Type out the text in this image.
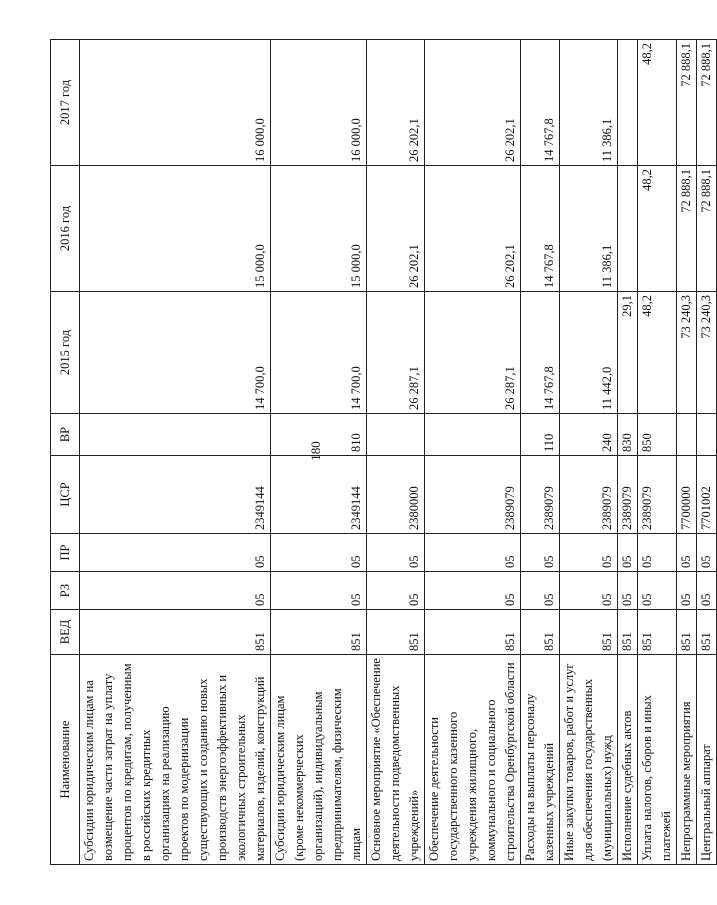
180
Наименование	ВЕД	РЗ	ПР	ЦСР	ВР	2015 год	2016 год	2017 год
Субсидии юридическим лицам на возмещение части затрат на уплату процентов по кредитам, полученным в российских кредитных организациях на реализацию проектов по модернизации существующих и созданию новых производств энергоэффективных и экологичных строительных материалов, изделий, конструкций	851	05	05	2349144		14 700,0	15 000,0	16 000,0
Субсидии юридическим лицам (кроме некоммерческих организаций), индивидуальным предпринимателям, физическим лицам	851	05	05	2349144	810	14 700,0	15 000,0	16 000,0
Основное мероприятие «Обеспечение деятельности подведомственных учреждений»	851	05	05	2380000		26 287,1	26 202,1	26 202,1
Обеспечение деятельности государственного казенного учреждения жилищного, коммунального и социального строительства Оренбургской области	851	05	05	2389079		26 287,1	26 202,1	26 202,1
Расходы на выплаты персоналу казенных учреждений	851	05	05	2389079	110	14 767,8	14 767,8	14 767,8
Иные закупки товаров, работ и услуг для обеспечения государственных (муниципальных) нужд	851	05	05	2389079	240	11 442,0	11 386,1	11 386,1
Исполнение судебных актов	851	05	05	2389079	830	29,1		
Уплата налогов, сборов и иных платежей	851	05	05	2389079	850	48,2	48,2	48,2
Непрограммные мероприятия	851	05	05	7700000		73 240,3	72 888,1	72 888,1
Центральный аппарат	851	05	05	7701002		73 240,3	72 888,1	72 888,1
